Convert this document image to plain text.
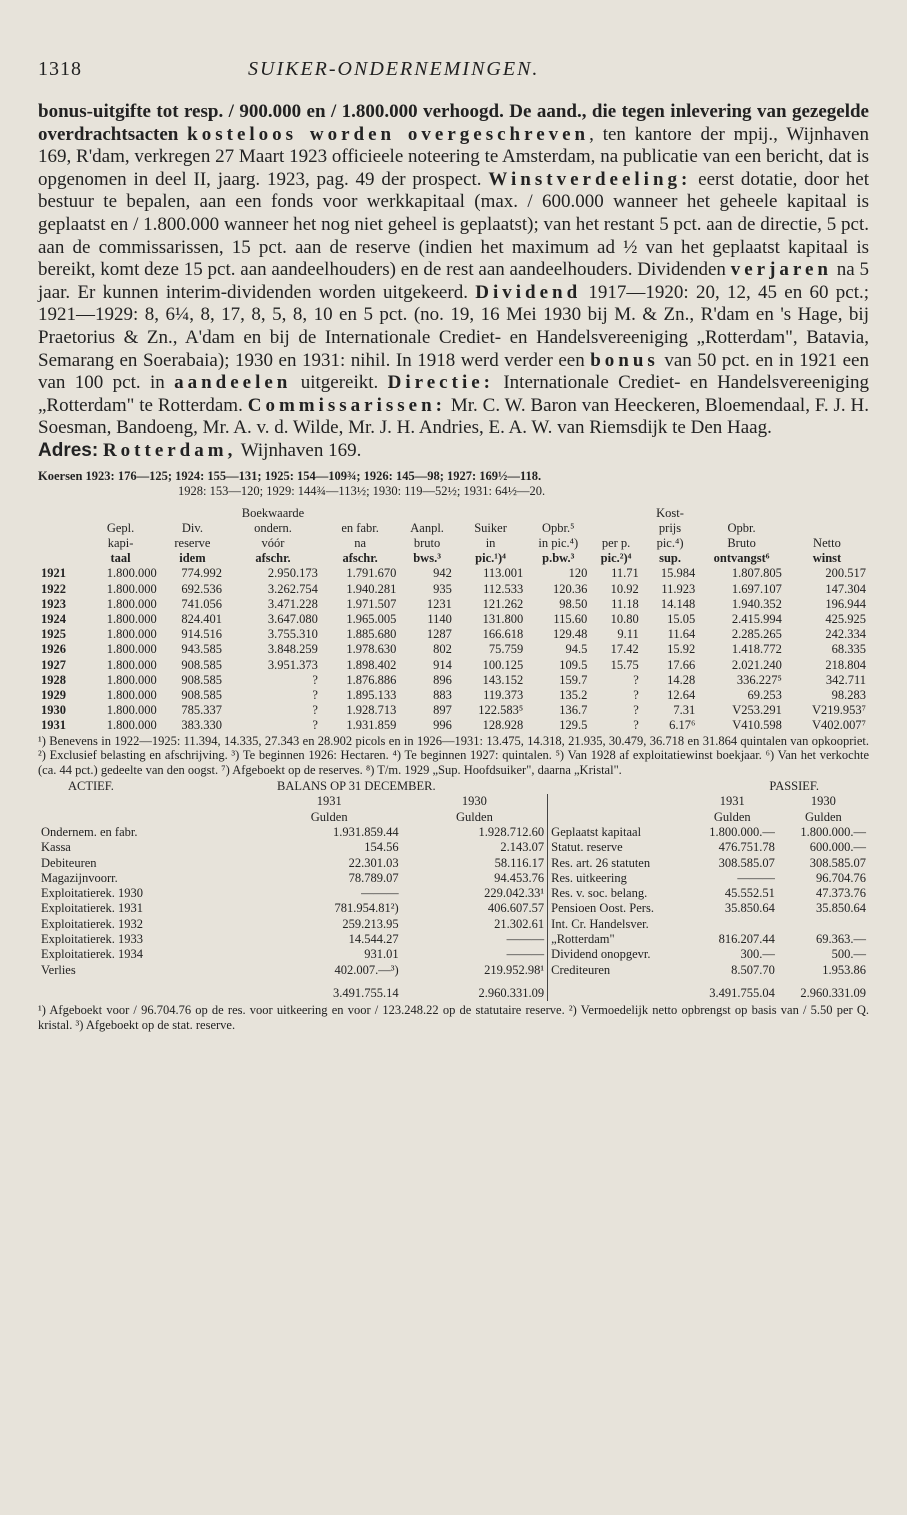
1318	SUIKER-ONDERNEMINGEN.
bonus-uitgifte tot resp. / 900.000 en / 1.800.000 verhoogd. De aand., die tegen inlevering van gezegelde overdrachtsacten kosteloos worden overgeschreven, ten kantore der mpij., Wijnhaven 169, R'dam, verkregen 27 Maart 1923 officieele noteering te Amsterdam, na publicatie van een bericht, dat is opgenomen in deel II, jaarg. 1923, pag. 49 der prospect. Winstverdeeling: eerst dotatie, door het bestuur te bepalen, aan een fonds voor werkkapitaal (max. / 600.000 wanneer het geheele kapitaal is geplaatst en / 1.800.000 wanneer het nog niet geheel is geplaatst); van het restant 5 pct. aan de directie, 5 pct. aan de commissarissen, 15 pct. aan de reserve (indien het maximum ad ½ van het geplaatst kapitaal is bereikt, komt deze 15 pct. aan aandeelhouders) en de rest aan aandeelhouders. Dividenden verjaren na 5 jaar. Er kunnen interim-dividenden worden uitgekeerd. Dividend 1917—1920: 20, 12, 45 en 60 pct.; 1921—1929: 8, 6¼, 8, 17, 8, 5, 8, 10 en 5 pct. (no. 19, 16 Mei 1930 bij M. & Zn., R'dam en 's Hage, bij Praetorius & Zn., A'dam en bij de Internationale Crediet- en Handelsvereeniging „Rotterdam", Batavia, Semarang en Soerabaia); 1930 en 1931: nihil. In 1918 werd verder een bonus van 50 pct. en in 1921 een van 100 pct. in aandeelen uitgereikt. Directie: Internationale Crediet- en Handelsvereeniging „Rotterdam" te Rotterdam. Commissarissen: Mr. C. W. Baron van Heeckeren, Bloemendaal, F. J. H. Soesman, Bandoeng, Mr. A. v. d. Wilde, Mr. J. H. Andries, E. A. W. van Riemsdijk te Den Haag.
Adres: Rotterdam, Wijnhaven 169.
Koersen 1923: 176—125; 1924: 155—131; 1925: 154—109¾; 1926: 145—98; 1927: 169½—118.
1928: 153—120; 1929: 144¾—113½; 1930: 119—52½; 1931: 64½—20.
			Boekwaarde						Kost-		
	Gepl.	Div.	ondern.	en fabr.	Aanpl.	Suiker	Opbr.⁵		prijs	Opbr.	
	kapi-	reserve	vóór	na	bruto	in	in pic.⁴)	per p.	pic.⁴)	Bruto	Netto
	taal	idem	afschr.	afschr.	bws.³	pic.¹)⁴	p.bw.³	pic.²)⁴	sup.	ontvangst⁶	winst
1921	1.800.000	774.992	2.950.173	1.791.670	942	113.001	120	11.71	15.984	1.807.805	200.517
1922	1.800.000	692.536	3.262.754	1.940.281	935	112.533	120.36	10.92	11.923	1.697.107	147.304
1923	1.800.000	741.056	3.471.228	1.971.507	1231	121.262	98.50	11.18	14.148	1.940.352	196.944
1924	1.800.000	824.401	3.647.080	1.965.005	1140	131.800	115.60	10.80	15.05	2.415.994	425.925
1925	1.800.000	914.516	3.755.310	1.885.680	1287	166.618	129.48	9.11	11.64	2.285.265	242.334
1926	1.800.000	943.585	3.848.259	1.978.630	802	75.759	94.5	17.42	15.92	1.418.772	68.335
1927	1.800.000	908.585	3.951.373	1.898.402	914	100.125	109.5	15.75	17.66	2.021.240	218.804
1928	1.800.000	908.585	?	1.876.886	896	143.152	159.7	?	14.28	336.227⁵	342.711
1929	1.800.000	908.585	?	1.895.133	883	119.373	135.2	?	12.64	69.253	98.283
1930	1.800.000	785.337	?	1.928.713	897	122.583⁵	136.7	?	7.31	V253.291	V219.953⁷
1931	1.800.000	383.330	?	1.931.859	996	128.928	129.5	?	6.17⁶	V410.598	V402.007⁷
¹) Benevens in 1922—1925: 11.394, 14.335, 27.343 en 28.902 picols en in 1926—1931: 13.475, 14.318, 21.935, 30.479, 36.718 en 31.864 quintalen van opkoopriet. ²) Exclusief belasting en afschrijving. ³) Te beginnen 1926: Hectaren. ⁴) Te beginnen 1927: quintalen. ⁵) Van 1928 af exploitatiewinst boekjaar. ⁶) Van het verkochte (ca. 44 pct.) gedeelte van den oogst. ⁷) Afgeboekt op de reserves. ⁸) T/m. 1929 „Sup. Hoofdsuiker", daarna „Kristal".
ACTIEF. BALANS OP 31 DECEMBER.			PASSIEF.		
	1931	1930		1931	1930
	Gulden	Gulden		Gulden	Gulden
Ondernem. en fabr.	1.931.859.44	1.928.712.60	Geplaatst kapitaal	1.800.000.—	1.800.000.—
Kassa	154.56	2.143.07	Statut. reserve	476.751.78	600.000.—
Debiteuren	22.301.03	58.116.17	Res. art. 26 statuten	308.585.07	308.585.07
Magazijnvoorr.	78.789.07	94.453.76	Res. uitkeering	———	96.704.76
Exploitatierek. 1930	———	229.042.33¹	Res. v. soc. belang.	45.552.51	47.373.76
Exploitatierek. 1931	781.954.81²)	406.607.57	Pensioen Oost. Pers.	35.850.64	35.850.64
Exploitatierek. 1932	259.213.95	21.302.61	Int. Cr. Handelsver.		
Exploitatierek. 1933	14.544.27	———	„Rotterdam"	816.207.44	69.363.—
Exploitatierek. 1934	931.01	———	Dividend onopgevr.	300.—	500.—
Verlies	402.007.—³)	219.952.98¹	Crediteuren	8.507.70	1.953.86
	3.491.755.14	2.960.331.09		3.491.755.04	2.960.331.09
¹) Afgeboekt voor / 96.704.76 op de res. voor uitkeering en voor / 123.248.22 op de statutaire reserve. ²) Vermoedelijk netto opbrengst op basis van / 5.50 per Q. kristal. ³) Afgeboekt op de stat. reserve.
